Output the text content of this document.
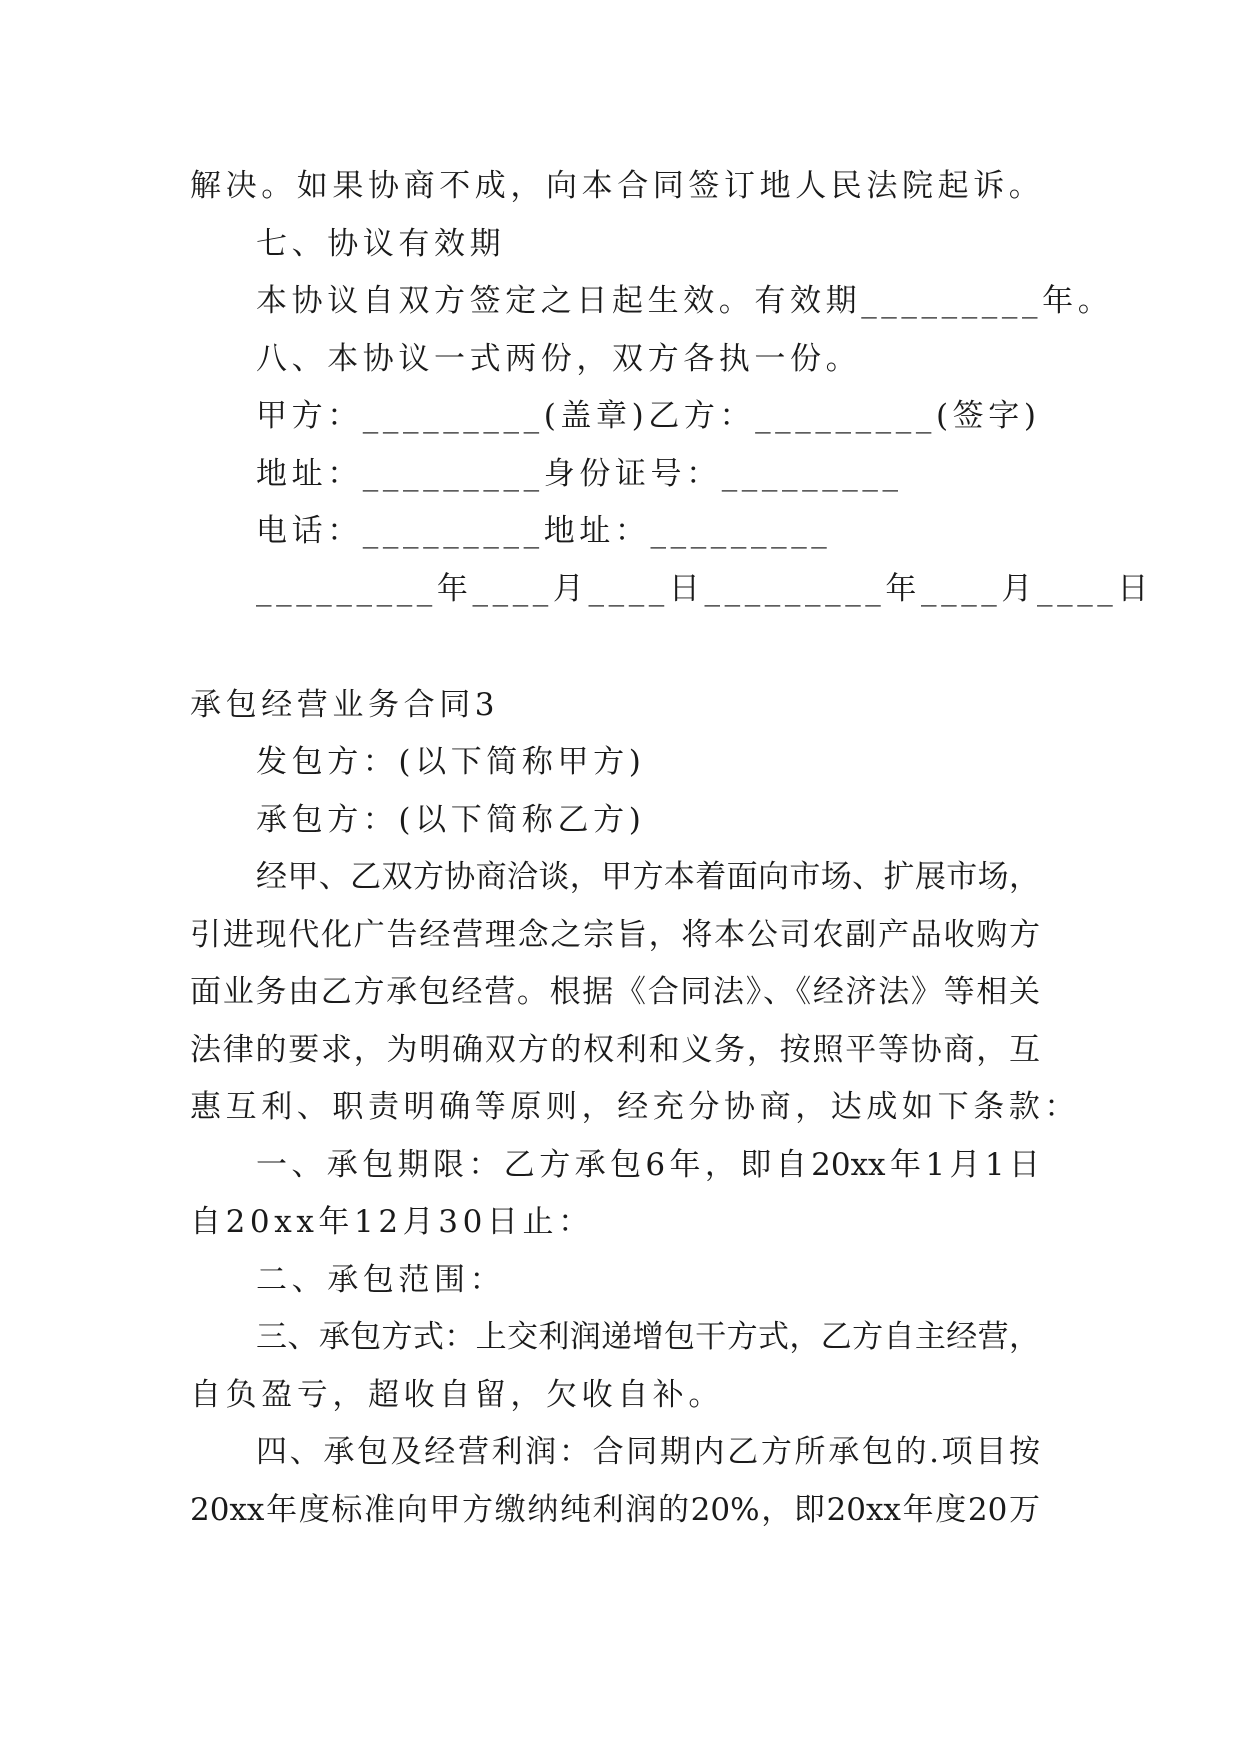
解决。如果协商不成，向本合同签订地人民法院起诉。
七、协议有效期
本协议自双方签定之日起生效。有效期_________年。
八、本协议一式两份，双方各执一份。
甲方：_________(盖章)乙方：_________(签字)
地址：_________身份证号：_________
电话：_________地址：_________
_________年____月____日_________年____月____日
承包经营业务合同3
发包方：(以下简称甲方)
承包方：(以下简称乙方)
经甲、乙双方协商洽谈，甲方本着面向市场、扩展市场，
引进现代化广告经营理念之宗旨，将本公司农副产品收购方
面业务由乙方承包经营。根据《合同法》、《经济法》等相关
法律的要求，为明确双方的权利和义务，按照平等协商，互
惠互利、职责明确等原则，经充分协商，达成如下条款：
一、承包期限：乙方承包6年，即自20xx年1月1日
自20xx年12月30日止：
二、承包范围：
三、承包方式：上交利润递增包干方式，乙方自主经营，
自负盈亏，超收自留，欠收自补。
四、承包及经营利润：合同期内乙方所承包的.项目按
20xx年度标准向甲方缴纳纯利润的20%，即20xx年度20万
